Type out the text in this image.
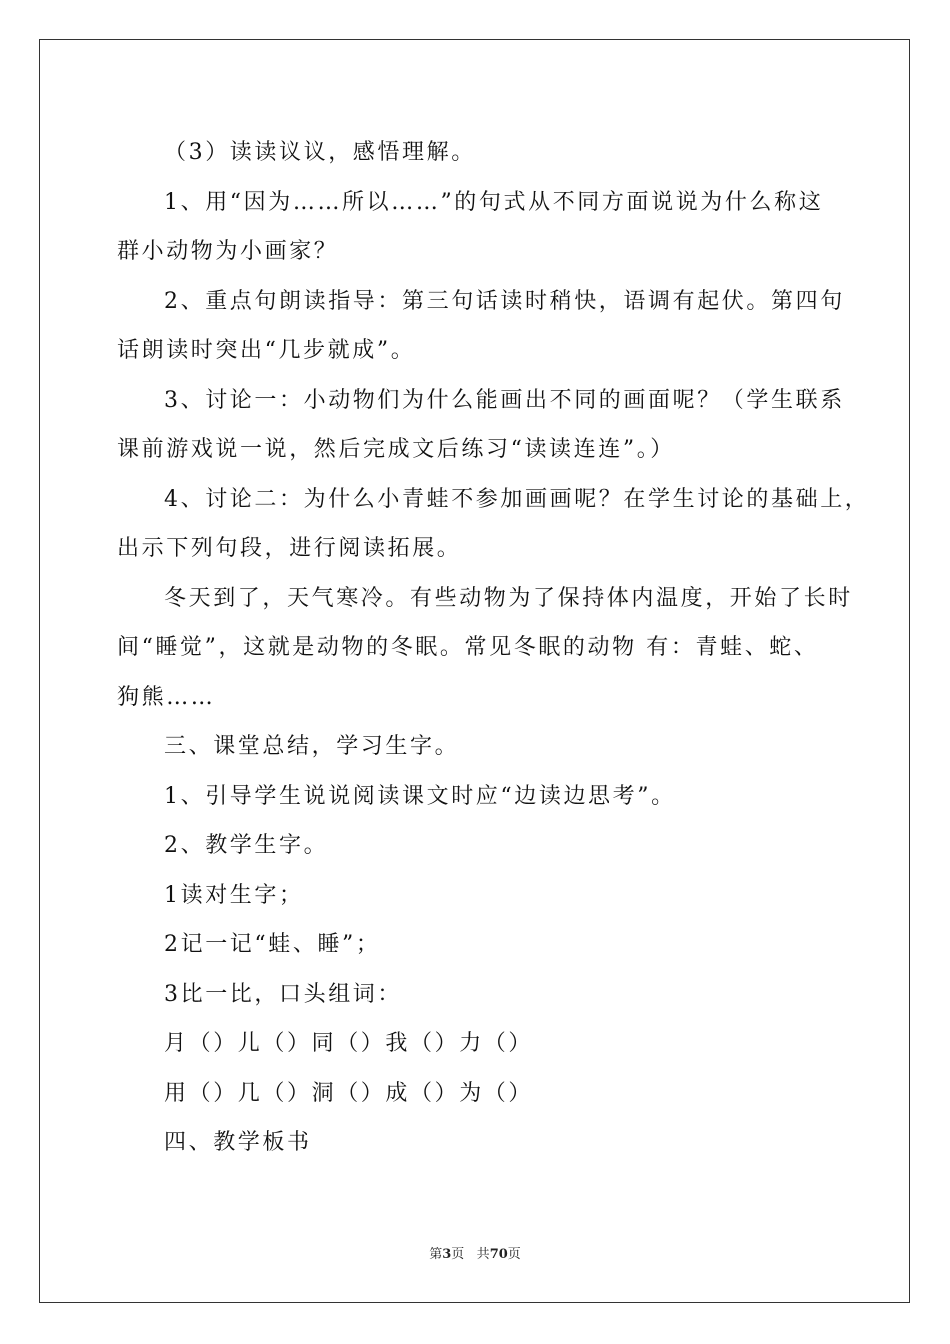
（3）读读议议，感悟理解。
1、用“因为……所以……”的句式从不同方面说说为什么称这
群小动物为小画家？
2、重点句朗读指导：第三句话读时稍快，语调有起伏。第四句
话朗读时突出“几步就成”。
3、讨论一：小动物们为什么能画出不同的画面呢？（学生联系
课前游戏说一说，然后完成文后练习“读读连连”。）
4、讨论二：为什么小青蛙不参加画画呢？在学生讨论的基础上，
出示下列句段，进行阅读拓展。
冬天到了，天气寒冷。有些动物为了保持体内温度，开始了长时
间“睡觉”，这就是动物的冬眠。常见冬眠的动物 有：青蛙、蛇、
狗熊……
三、课堂总结，学习生字。
1、引导学生说说阅读课文时应“边读边思考”。
2、教学生字。
1读对生字；
2记一记“蛙、睡”；
3比一比，口头组词：
月（）儿（）同（）我（）力（）
用（）几（）洞（）成（）为（）
四、教学板书
第3页 共70页
